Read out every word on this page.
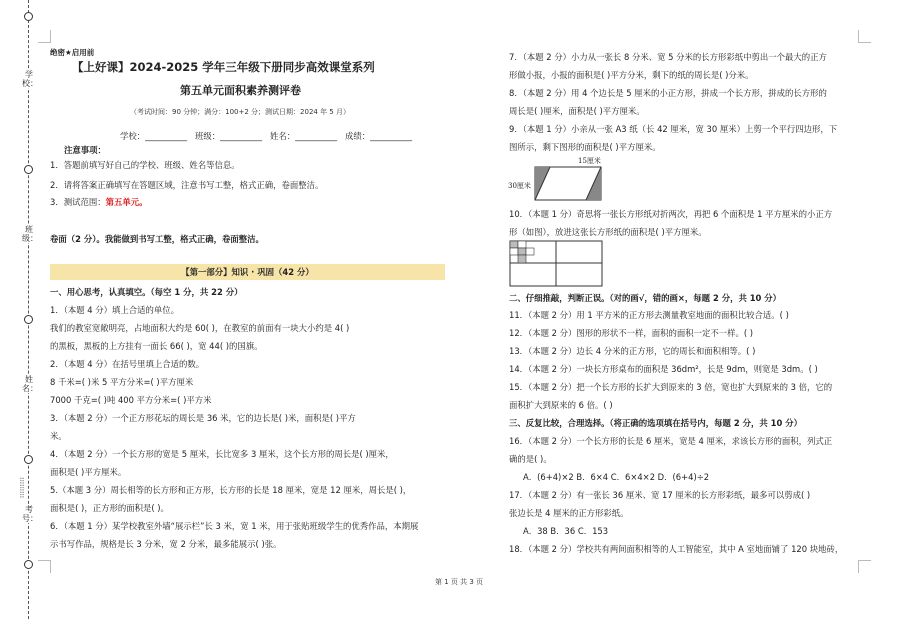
学校：
班级：
姓名：
考号：
⠿
⠿
⠿
绝密★启用前
【上好课】2024-2025 学年三年级下册同步高效课堂系列
第五单元面积素养测评卷
（考试时间：90 分钟；满分：100+2 分；测试日期：2024 年 5 月）
学校：__________ 班级：__________ 姓名：__________ 成绩：__________
注意事项：
1．答题前填写好自己的学校、班级、姓名等信息。
2．请将答案正确填写在答题区域，注意书写工整，格式正确，卷面整洁。
3．测试范围：第五单元。
卷面（2 分）。我能做到书写工整，格式正确，卷面整洁。
一、用心思考，认真填空。（每空 1 分，共 22 分）
1．（本题 4 分）填上合适的单位。
我们的教室宽敞明亮，占地面积大约是 60( )，在教室的前面有一块大小约是 4( )
的黑板，黑板的上方挂有一面长 66( )，宽 44( )的国旗。
2．（本题 4 分）在括号里填上合适的数。
8 千米=( )米 5 平方分米=( )平方厘米
7000 千克=( )吨 400 平方分米=( )平方米
3．（本题 2 分）一个正方形花坛的周长是 36 米，它的边长是( )米，面积是( )平方
米。
4．（本题 2 分）一个长方形的宽是 5 厘米，长比宽多 3 厘米，这个长方形的周长是( )厘米，
面积是( )平方厘米。
5.（本题 3 分）周长相等的长方形和正方形，长方形的长是 18 厘米，宽是 12 厘米，周长是( )，
面积是( )，正方形的面积是( )。
6．（本题 1 分）某学校教室外墙“展示栏”长 3 米，宽 1 米，用于张贴班级学生的优秀作品，本期展
示书写作品，规格是长 3 分米，宽 2 分米，最多能展示( )张。
【第一部分】知识 · 巩固（42 分）
7．（本题 2 分）小力从一张长 8 分米、宽 5 分米的长方形彩纸中剪出一个最大的正方
形做小报，小报的面积是( )平方分米，剩下的纸的周长是( )分米。
8．（本题 2 分）用 4 个边长是 5 厘米的小正方形，拼成一个长方形，拼成的长方形的
周长是( )厘米，面积是( )平方厘米。
9．（本题 1 分）小亲从一张 A3 纸（长 42 厘米，宽 30 厘米）上剪一个平行四边形，下
图所示，剩下图形的面积是( )平方厘米。
10．（本题 1 分）奇思将一张长方形纸对折两次，再把 6 个面积是 1 平方厘米的小正方
形（如图），放进这张长方形纸的面积是( )平方厘米。
二、仔细推敲，判断正误。（对的画√，错的画×，每题 2 分，共 10 分）
11．（本题 2 分）用 1 平方米的正方形去测量教室地面的面积比较合适。( )
12．（本题 2 分）图形的形状不一样，面积的面积一定不一样。( )
13．（本题 2 分）边长 4 分米的正方形，它的周长和面积相等。( )
14．（本题 2 分）一块长方形桌布的面积是 36dm²，长是 9dm，则宽是 3dm。( )
15．（本题 2 分）把一个长方形的长扩大到原来的 3 倍，宽也扩大到原来的 3 倍，它的
面积扩大到原来的 6 倍。( )
三、反复比较，合理选择。（将正确的选项填在括号内，每题 2 分，共 10 分）
16．（本题 2 分）一个长方形的长是 6 厘米，宽是 4 厘米，求该长方形的面积，列式正
确的是( )。
A．(6+4)×2 B．6×4 C．6×4×2 D．(6+4)÷2
17．（本题 2 分）有一张长 36 厘米、宽 17 厘米的长方形彩纸，最多可以剪成( )
张边长是 4 厘米的正方形彩纸。
A．38 B．36 C．153
18．（本题 2 分）学校共有两间面积相等的人工智能室，其中 A 室地面铺了 120 块地砖，
15厘米
30厘米
第 1 页 共 3 页
